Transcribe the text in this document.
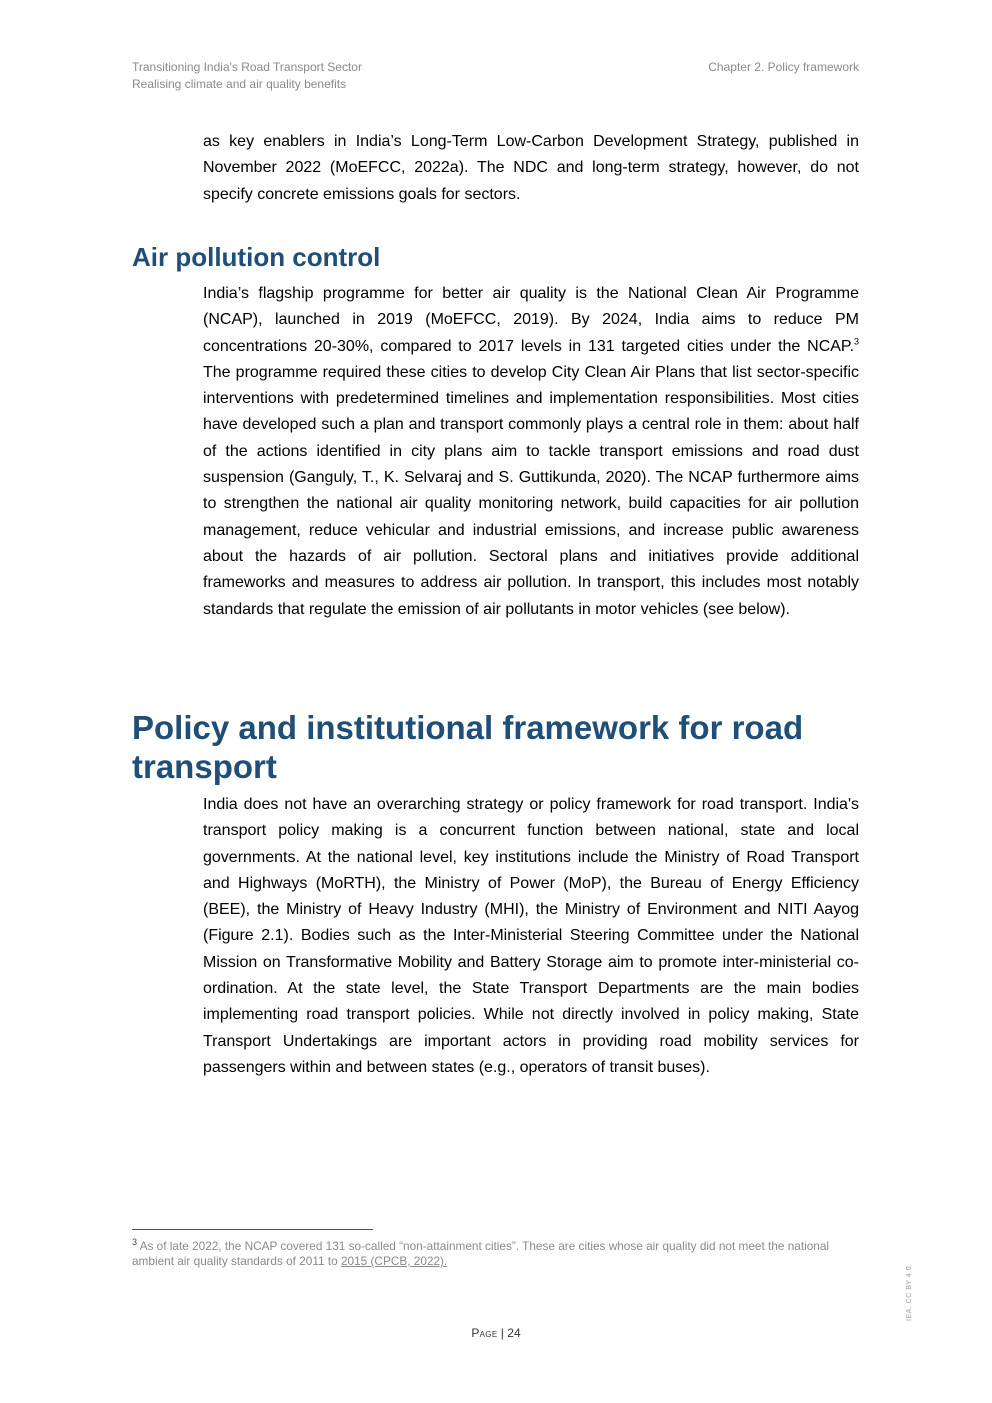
Transitioning India's Road Transport Sector
Realising climate and air quality benefits
Chapter 2. Policy framework

as key enablers in India’s Long-Term Low-Carbon Development Strategy, published in November 2022 (MoEFCC, 2022a). The NDC and long-term strategy, however, do not specify concrete emissions goals for sectors.

Air pollution control

India’s flagship programme for better air quality is the National Clean Air Programme (NCAP), launched in 2019 (MoEFCC, 2019). By 2024, India aims to reduce PM concentrations 20-30%, compared to 2017 levels in 131 targeted cities under the NCAP.$^3$ The programme required these cities to develop City Clean Air Plans that list sector-specific interventions with predetermined timelines and implementation responsibilities. Most cities have developed such a plan and transport commonly plays a central role in them: about half of the actions identified in city plans aim to tackle transport emissions and road dust suspension (Ganguly, T., K. Selvaraj and S. Guttikunda, 2020). The NCAP furthermore aims to strengthen the national air quality monitoring network, build capacities for air pollution management, reduce vehicular and industrial emissions, and increase public awareness about the hazards of air pollution. Sectoral plans and initiatives provide additional frameworks and measures to address air pollution. In transport, this includes most notably standards that regulate the emission of air pollutants in motor vehicles (see below).

Policy and institutional framework for road transport

India does not have an overarching strategy or policy framework for road transport. India's transport policy making is a concurrent function between national, state and local governments. At the national level, key institutions include the Ministry of Road Transport and Highways (MoRTH), the Ministry of Power (MoP), the Bureau of Energy Efficiency (BEE), the Ministry of Heavy Industry (MHI), the Ministry of Environment and NITI Aayog (Figure 2.1). Bodies such as the Inter-Ministerial Steering Committee under the National Mission on Transformative Mobility and Battery Storage aim to promote inter-ministerial co-ordination. At the state level, the State Transport Departments are the main bodies implementing road transport policies. While not directly involved in policy making, State Transport Undertakings are important actors in providing road mobility services for passengers within and between states (e.g., operators of transit buses).

$^3$ As of late 2022, the NCAP covered 131 so-called “non-attainment cities”. These are cities whose air quality did not meet the national ambient air quality standards of 2011 to 2015 (CPCB, 2022).
Page | 24
IEA. CC BY 4.0.
